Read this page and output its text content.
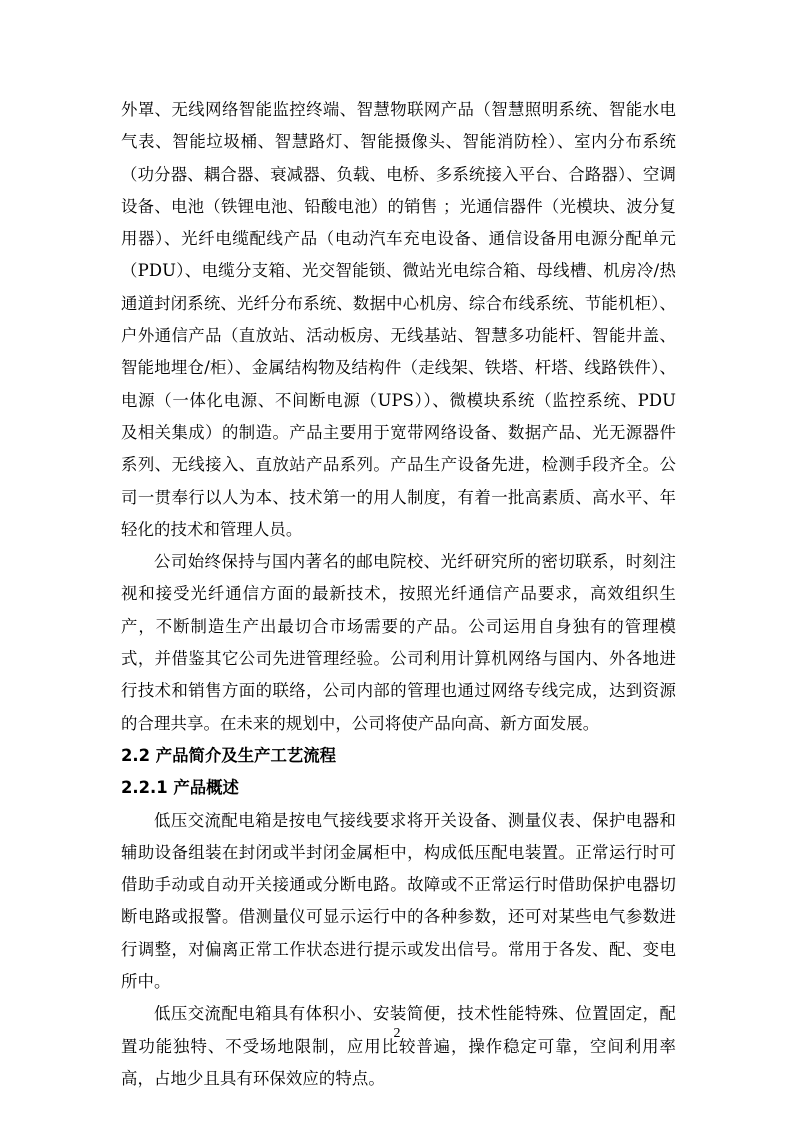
外罩、无线网络智能监控终端、智慧物联网产品（智慧照明系统、智能水电气表、智能垃圾桶、智慧路灯、智能摄像头、智能消防栓）、室内分布系统（功分器、耦合器、衰减器、负载、电桥、多系统接入平台、合路器）、空调设备、电池（铁锂电池、铅酸电池）的销售 ；光通信器件（光模块、波分复用器）、光纤电缆配线产品（电动汽车充电设备、通信设备用电源分配单元（PDU）、电缆分支箱、光交智能锁、微站光电综合箱、母线槽、机房冷/热通道封闭系统、光纤分布系统、数据中心机房、综合布线系统、节能机柜）、户外通信产品（直放站、活动板房、无线基站、智慧多功能杆、智能井盖、智能地埋仓/柜）、金属结构物及结构件（走线架、铁塔、杆塔、线路铁件）、电源（一体化电源、不间断电源（UPS））、微模块系统（监控系统、PDU 及相关集成）的制造。产品主要用于宽带网络设备、数据产品、光无源器件系列、无线接入、直放站产品系列。产品生产设备先进，检测手段齐全。公司一贯奉行以人为本、技术第一的用人制度，有着一批高素质、高水平、年轻化的技术和管理人员。

公司始终保持与国内著名的邮电院校、光纤研究所的密切联系，时刻注视和接受光纤通信方面的最新技术，按照光纤通信产品要求，高效组织生产，不断制造生产出最切合市场需要的产品。公司运用自身独有的管理模式，并借鉴其它公司先进管理经验。公司利用计算机网络与国内、外各地进行技术和销售方面的联络，公司内部的管理也通过网络专线完成，达到资源的合理共享。在未来的规划中，公司将使产品向高、新方面发展。

2.2 产品简介及生产工艺流程
2.2.1 产品概述

低压交流配电箱是按电气接线要求将开关设备、测量仪表、保护电器和辅助设备组装在封闭或半封闭金属柜中，构成低压配电装置。正常运行时可借助手动或自动开关接通或分断电路。故障或不正常运行时借助保护电器切断电路或报警。借测量仪可显示运行中的各种参数，还可对某些电气参数进行调整，对偏离正常工作状态进行提示或发出信号。常用于各发、配、变电所中。

低压交流配电箱具有体积小、安装简便，技术性能特殊、位置固定，配置功能独特、不受场地限制，应用比较普遍，操作稳定可靠，空间利用率高，占地少且具有环保效应的特点。

2
